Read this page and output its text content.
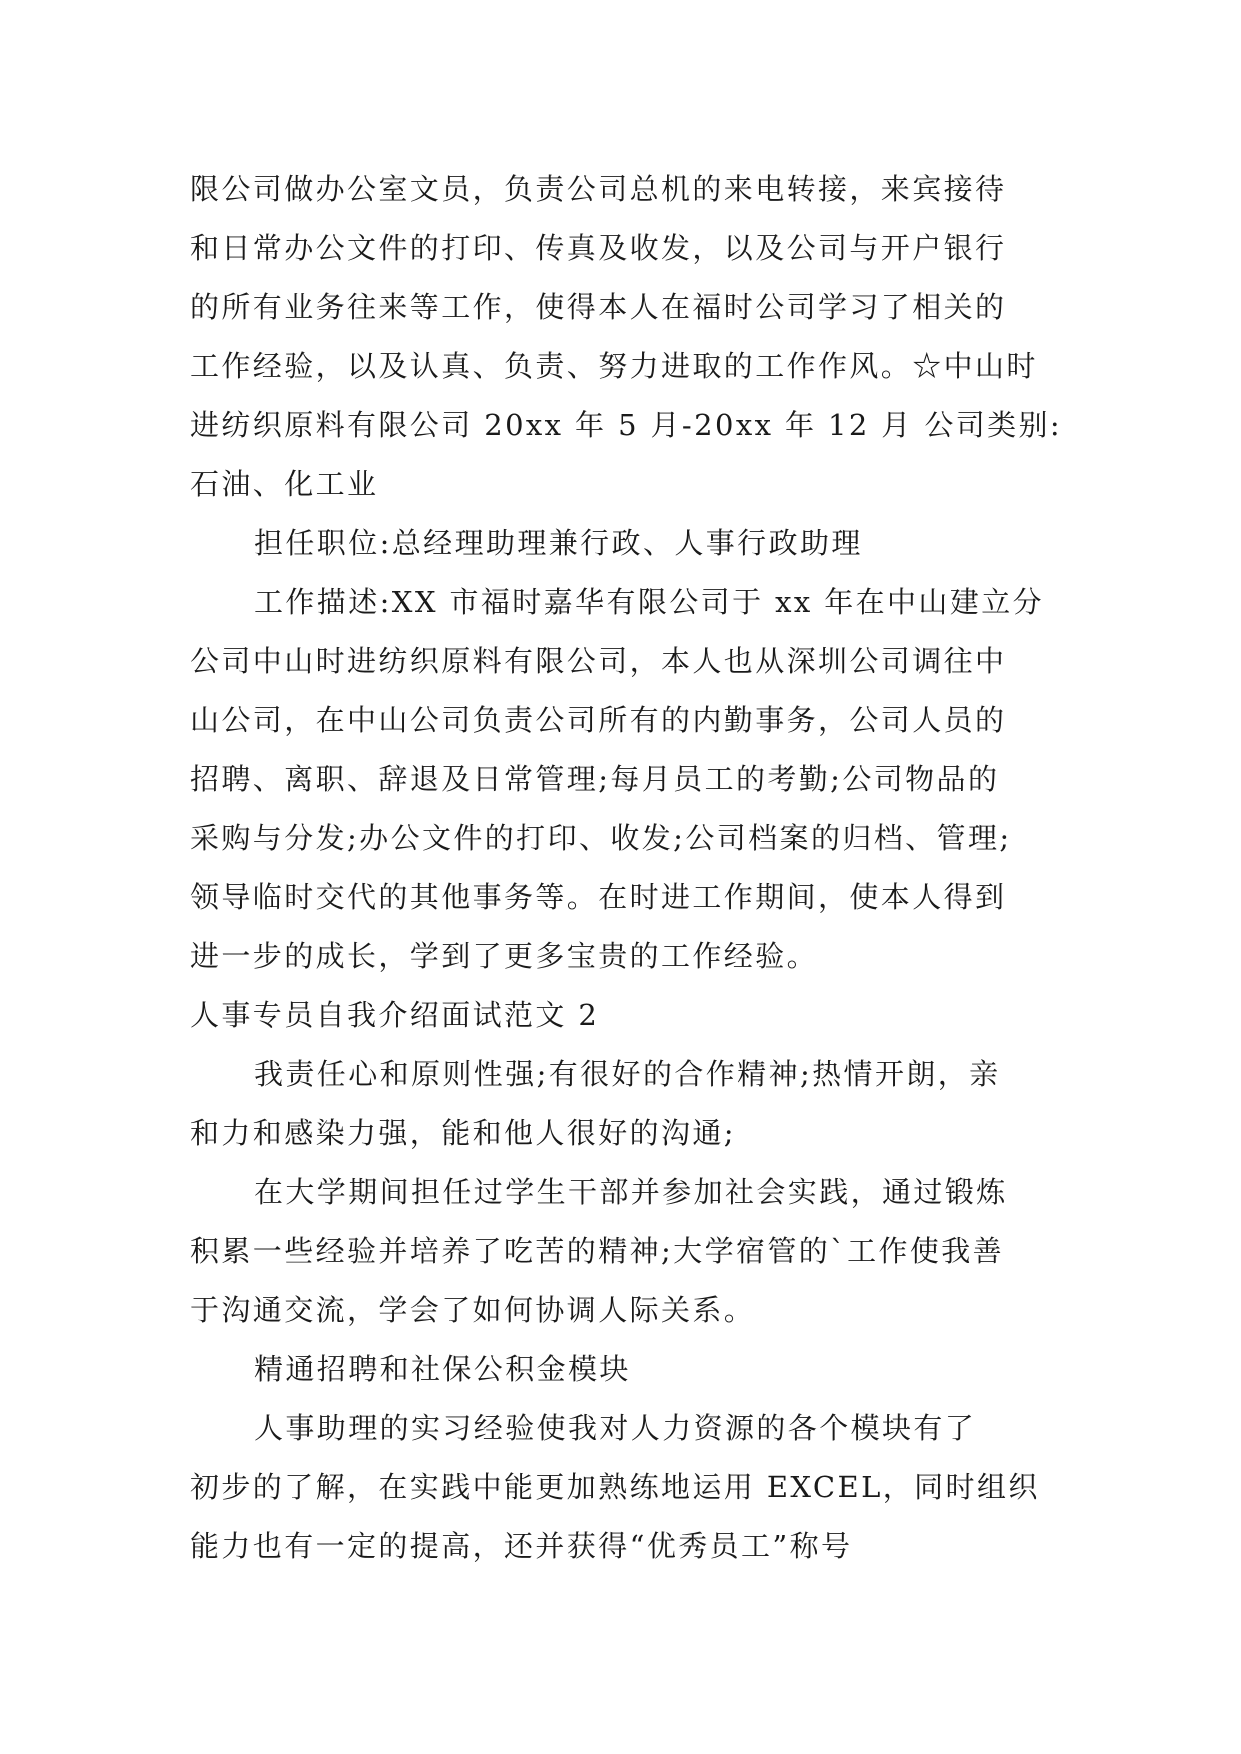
限公司做办公室文员，负责公司总机的来电转接，来宾接待
和日常办公文件的打印、传真及收发，以及公司与开户银行
的所有业务往来等工作，使得本人在福时公司学习了相关的
工作经验，以及认真、负责、努力进取的工作作风。☆中山时
进纺织原料有限公司 20xx 年 5 月-20xx 年 12 月 公司类别:
石油、化工业
担任职位:总经理助理兼行政、人事行政助理
工作描述:XX 市福时嘉华有限公司于 xx 年在中山建立分
公司中山时进纺织原料有限公司，本人也从深圳公司调往中
山公司，在中山公司负责公司所有的内勤事务，公司人员的
招聘、离职、辞退及日常管理;每月员工的考勤;公司物品的
采购与分发;办公文件的打印、收发;公司档案的归档、管理;
领导临时交代的其他事务等。在时进工作期间，使本人得到
进一步的成长，学到了更多宝贵的工作经验。
人事专员自我介绍面试范文 2
我责任心和原则性强;有很好的合作精神;热情开朗，亲
和力和感染力强，能和他人很好的沟通;
在大学期间担任过学生干部并参加社会实践，通过锻炼
积累一些经验并培养了吃苦的精神;大学宿管的`工作使我善
于沟通交流，学会了如何协调人际关系。
精通招聘和社保公积金模块
人事助理的实习经验使我对人力资源的各个模块有了
初步的了解，在实践中能更加熟练地运用 EXCEL，同时组织
能力也有一定的提高，还并获得“优秀员工”称号
